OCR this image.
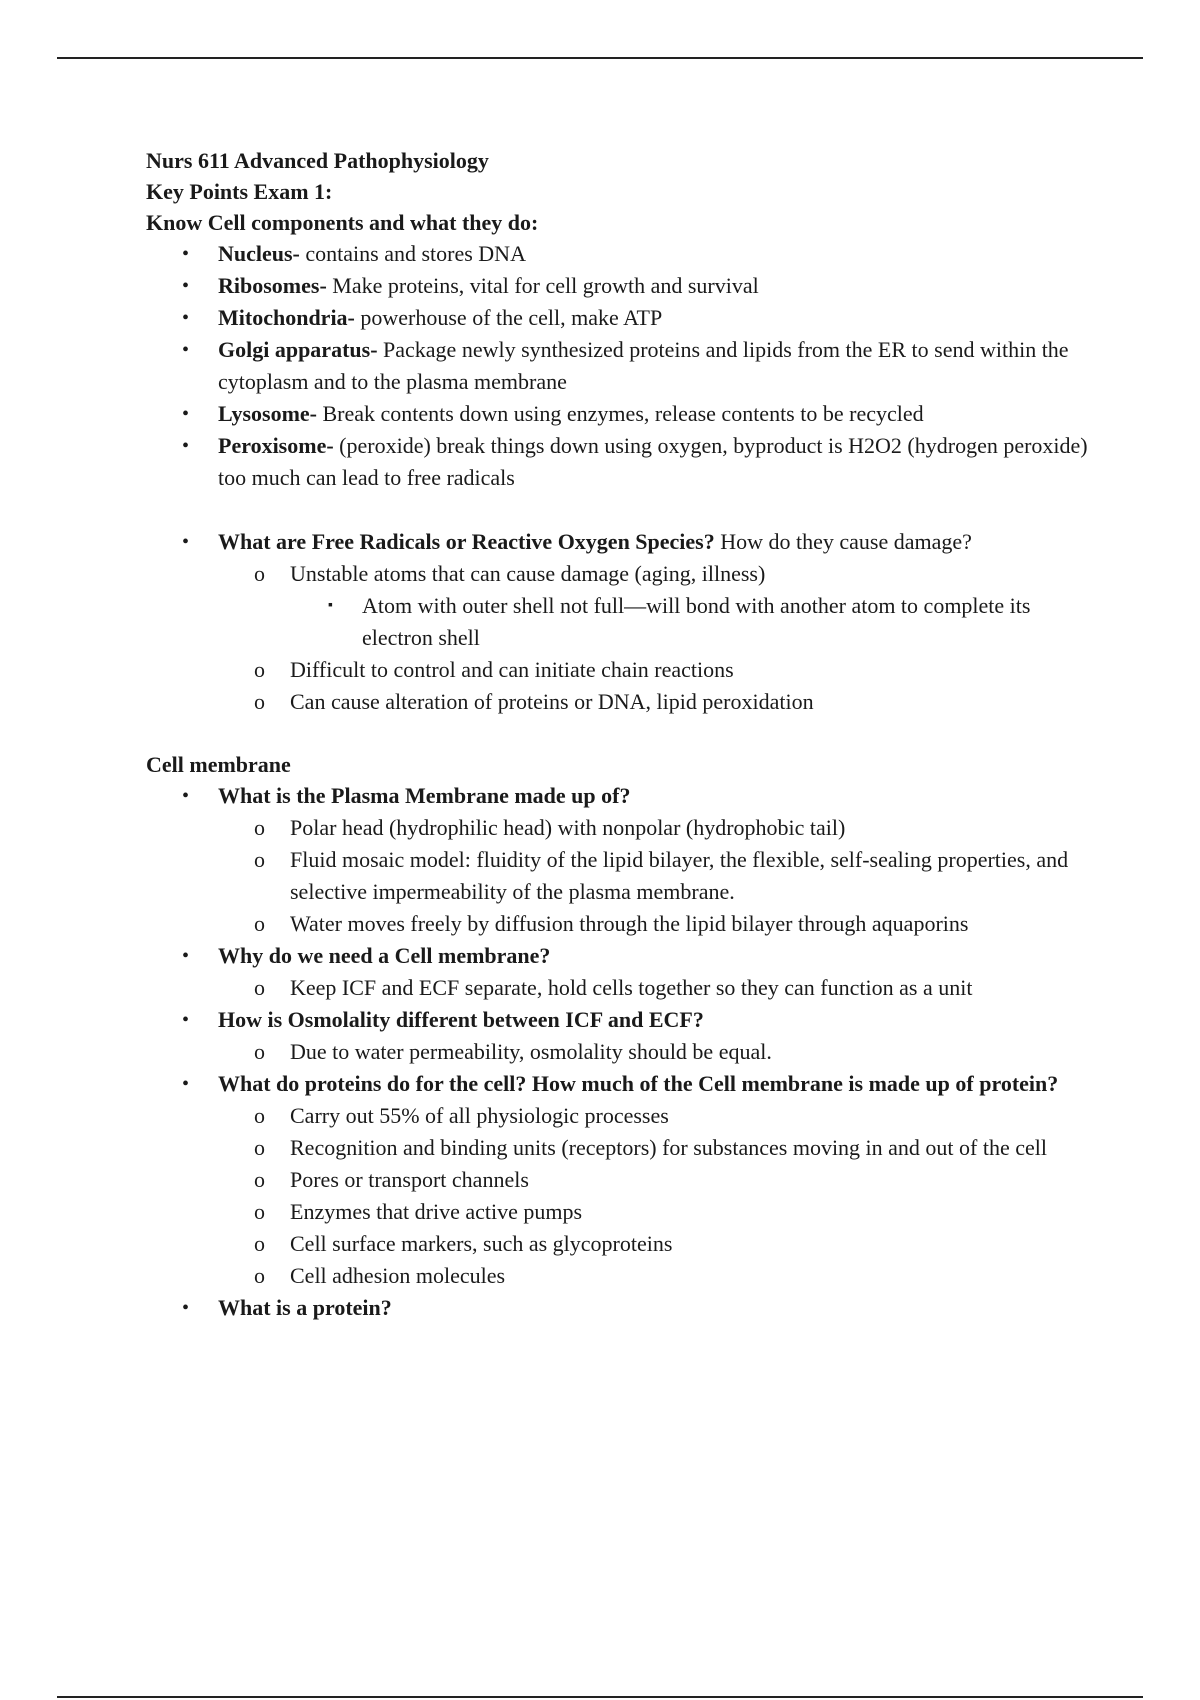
Nurs 611 Advanced Pathophysiology
Key Points Exam 1:
Know Cell components and what they do:
• Nucleus- contains and stores DNA
• Ribosomes- Make proteins, vital for cell growth and survival
• Mitochondria- powerhouse of the cell, make ATP
• Golgi apparatus- Package newly synthesized proteins and lipids from the ER to send within the cytoplasm and to the plasma membrane
• Lysosome- Break contents down using enzymes, release contents to be recycled
• Peroxisome- (peroxide) break things down using oxygen, byproduct is H2O2 (hydrogen peroxide) too much can lead to free radicals
• What are Free Radicals or Reactive Oxygen Species? How do they cause damage?
o Unstable atoms that can cause damage (aging, illness)
▪ Atom with outer shell not full—will bond with another atom to complete its electron shell
o Difficult to control and can initiate chain reactions
o Can cause alteration of proteins or DNA, lipid peroxidation
Cell membrane
• What is the Plasma Membrane made up of?
o Polar head (hydrophilic head) with nonpolar (hydrophobic tail)
o Fluid mosaic model: fluidity of the lipid bilayer, the flexible, self-sealing properties, and selective impermeability of the plasma membrane.
o Water moves freely by diffusion through the lipid bilayer through aquaporins
• Why do we need a Cell membrane?
o Keep ICF and ECF separate, hold cells together so they can function as a unit
• How is Osmolality different between ICF and ECF?
o Due to water permeability, osmolality should be equal.
• What do proteins do for the cell? How much of the Cell membrane is made up of protein?
o Carry out 55% of all physiologic processes
o Recognition and binding units (receptors) for substances moving in and out of the cell
o Pores or transport channels
o Enzymes that drive active pumps
o Cell surface markers, such as glycoproteins
o Cell adhesion molecules
• What is a protein?
